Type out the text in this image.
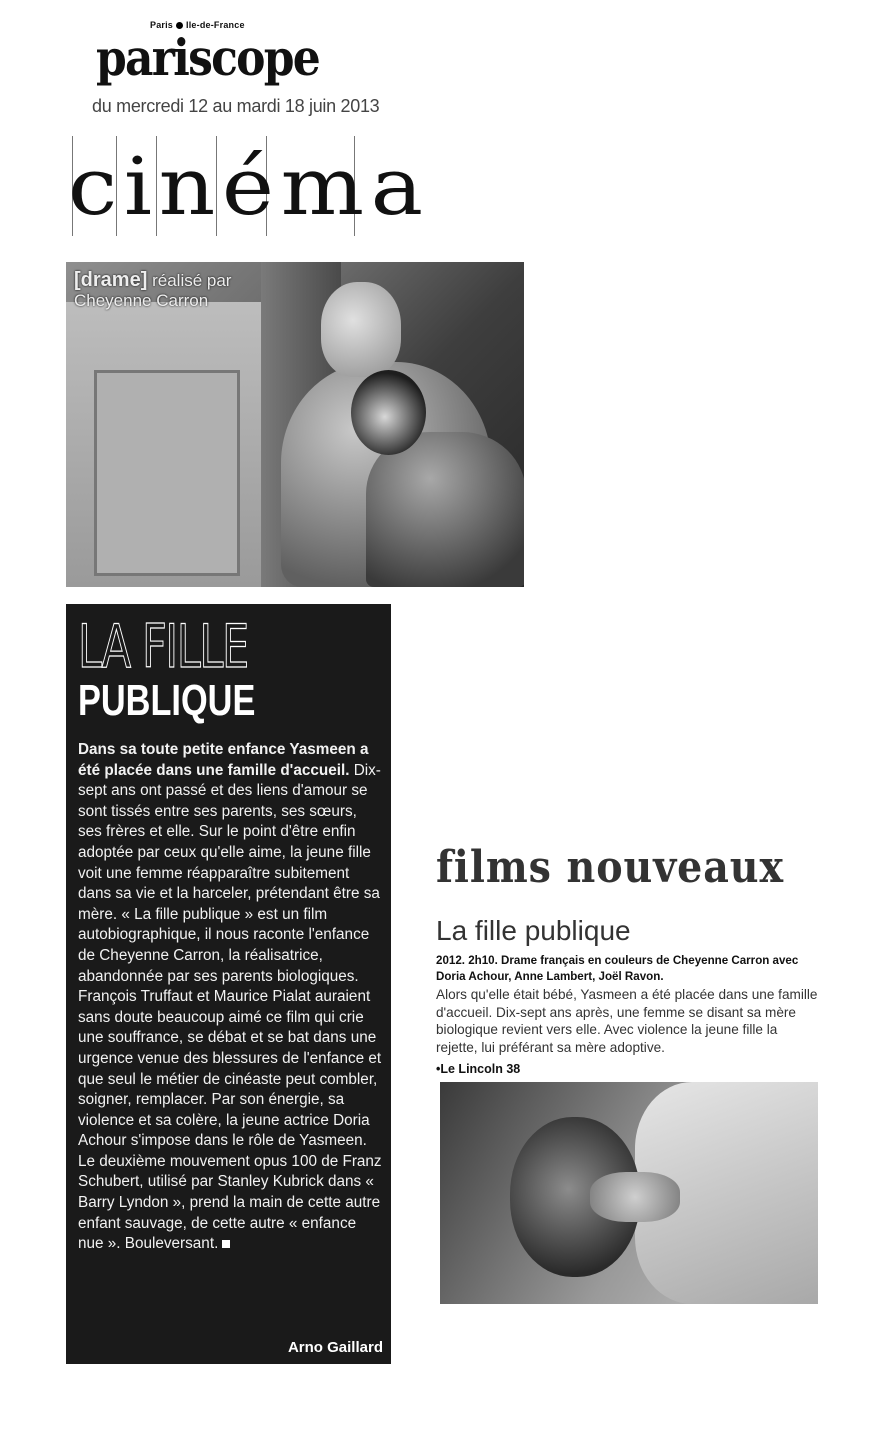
Paris Ile-de-France
pariscope
du mercredi 12 au mardi 18 juin 2013
cinéma
[drame] réalisé par
Cheyenne Carron
LA FILLE
PUBLIQUE
Dans sa toute petite enfance Yasmeen a été placée dans une famille d'accueil. Dix-sept ans ont passé et des liens d'amour se sont tissés entre ses parents, ses sœurs, ses frères et elle. Sur le point d'être enfin adoptée par ceux qu'elle aime, la jeune fille voit une femme réapparaître subitement dans sa vie et la harceler, prétendant être sa mère. « La fille publique » est un film autobiographique, il nous raconte l'enfance de Cheyenne Carron, la réalisatrice, abandonnée par ses parents biologiques. François Truffaut et Maurice Pialat auraient sans doute beaucoup aimé ce film qui crie une souffrance, se débat et se bat dans une urgence venue des blessures de l'enfance et que seul le métier de cinéaste peut combler, soigner, remplacer. Par son énergie, sa violence et sa colère, la jeune actrice Doria Achour s'impose dans le rôle de Yasmeen. Le deuxième mouvement opus 100 de Franz Schubert, utilisé par Stanley Kubrick dans « Barry Lyndon », prend la main de cette autre enfant sauvage, de cette autre « enfance nue ». Bouleversant.
Arno Gaillard
films nouveaux
La fille publique
2012. 2h10. Drame français en couleurs de Cheyenne Carron avec Doria Achour, Anne Lambert, Joël Ravon.
Alors qu'elle était bébé, Yasmeen a été placée dans une famille d'accueil. Dix-sept ans après, une femme se disant sa mère biologique revient vers elle. Avec violence la jeune fille la rejette, lui préférant sa mère adoptive.
•Le Lincoln 38
